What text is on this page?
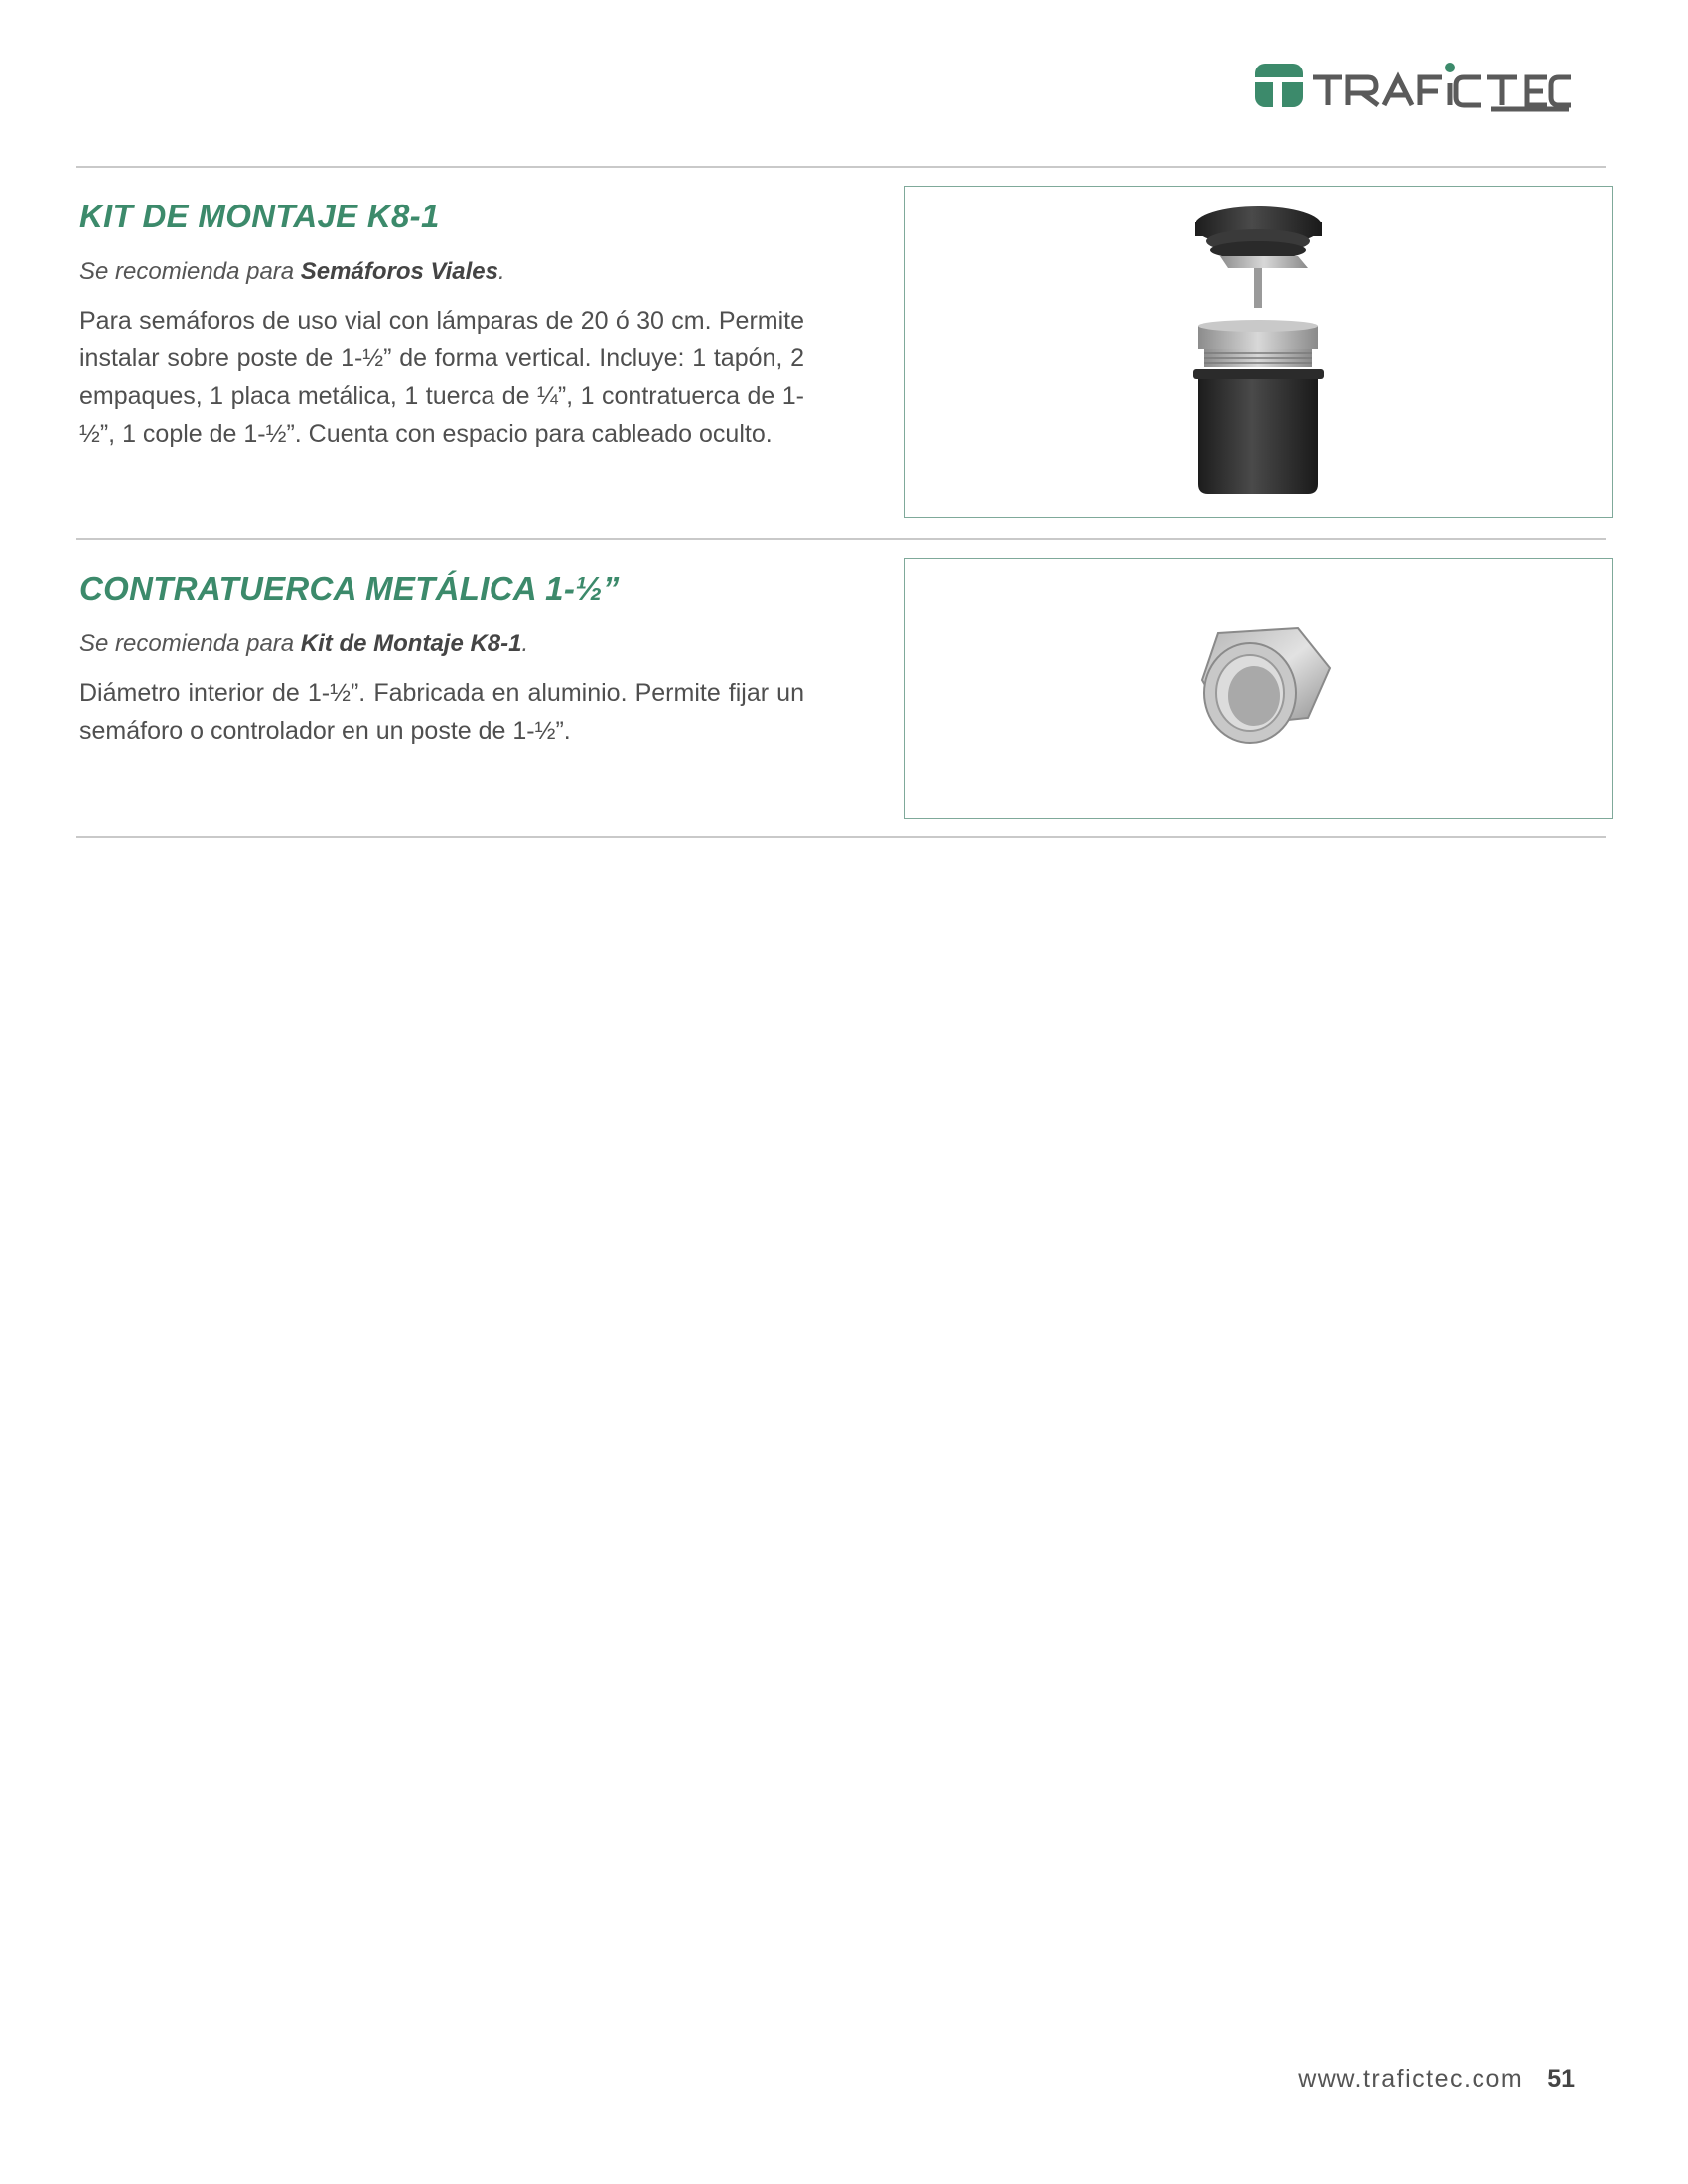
KIT DE MONTAJE K8-1

Se recomienda para Semáforos Viales.

Para semáforos de uso vial con lámparas de 20 ó 30 cm. Permite instalar sobre poste de 1-½” de forma vertical. Incluye: 1 tapón, 2 empaques, 1 placa metálica, 1 tuerca de ¼”, 1 contratuerca de 1-½”, 1 cople de 1-½”. Cuenta con espacio para cableado oculto.

CONTRATUERCA METÁLICA 1-½”

Se recomienda para Kit de Montaje K8-1.

Diámetro interior de 1-½”. Fabricada en aluminio. Permite fijar un semáforo o controlador en un poste de 1-½”.

www.trafictec.com 51
